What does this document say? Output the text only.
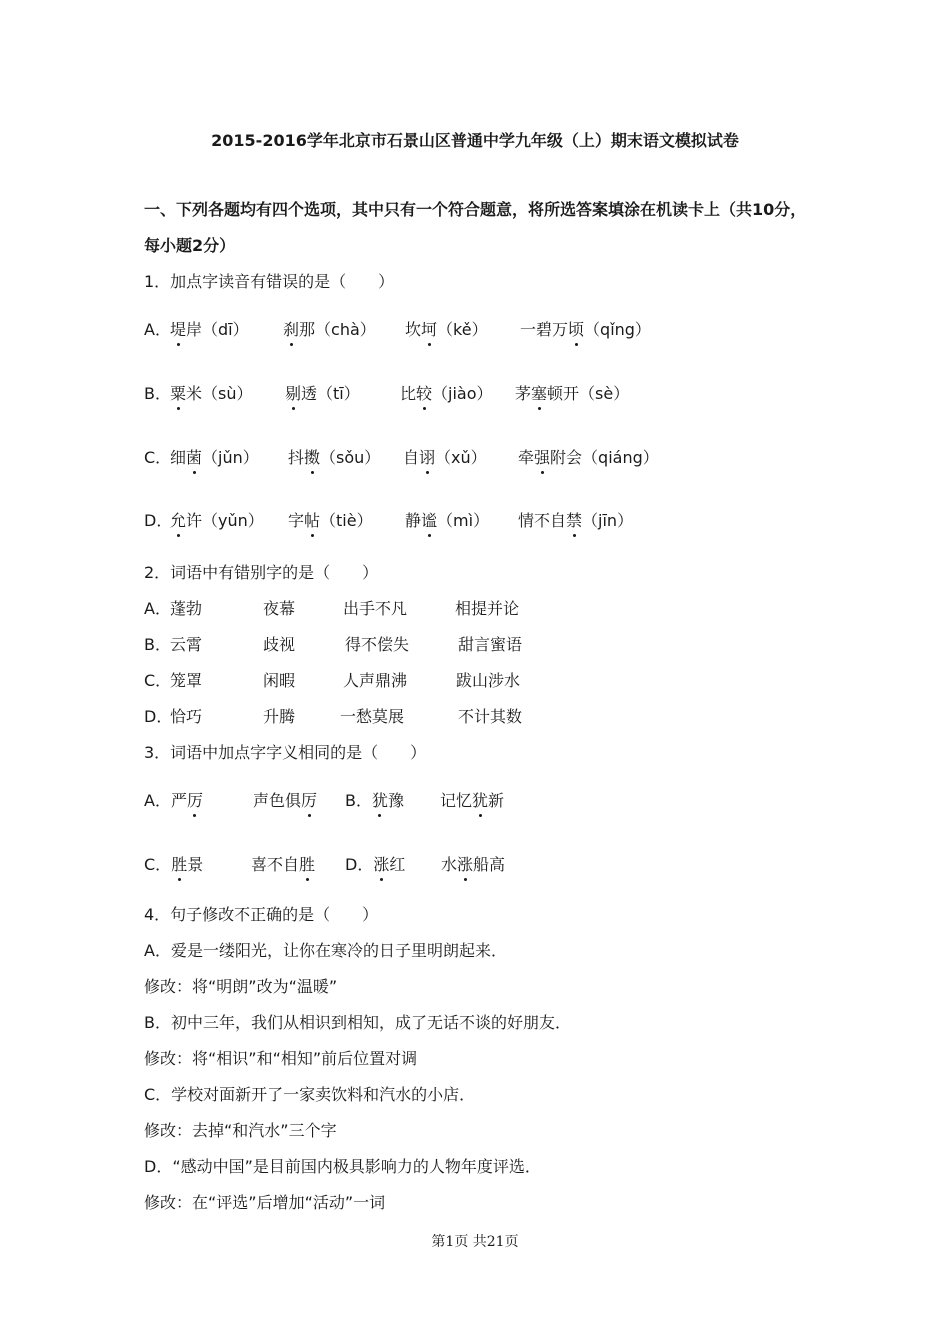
2015-2016学年北京市石景山区普通中学九年级（上）期末语文模拟试卷
一、下列各题均有四个选项，其中只有一个符合题意，将所选答案填涂在机读卡上（共10分，
每小题2分）
1．加点字读音有错误的是（　　）
A． 堤岸（dī） 刹那（chà） 坎坷（kě） 一碧万顷（qǐng）
B． 粟米（sù） 剔透（tī）	比较（jiào） 茅塞顿开（sè）
C．
细菌（jǔn） 抖擞（sǒu） 自诩（xǔ） 牵强附会（qiáng）
D．
允许（yǔn） 字帖（tiè） 静谧（mì） 情不自禁（jīn）
2．词语中有错别字的是（　　）
A． 蓬勃	夜幕	出手不凡	相提并论
B． 云霄	歧视	得不偿失	甜言蜜语
C．
笼罩	闲暇	人声鼎沸	跋山涉水
D．
恰巧	升腾	一愁莫展	不计其数
3．词语中加点字字义相同的是（　　）
A．严厉	声色俱厉 B．犹豫 记忆犹新
C．胜景	喜不自胜 D．涨红 水涨船高
4．句子修改不正确的是（　　）
A．爱是一缕阳光，让你在寒冷的日子里明朗起来．
修改：将“明朗”改为“温暖”
B．初中三年，我们从相识到相知，成了无话不谈的好朋友．
修改：将“相识”和“相知”前后位置对调
C．学校对面新开了一家卖饮料和汽水的小店．
修改：去掉“和汽水”三个字
D．“感动中国”是目前国内极具影响力的人物年度评选．
修改：在“评选”后增加“活动”一词
第1页 共21页
